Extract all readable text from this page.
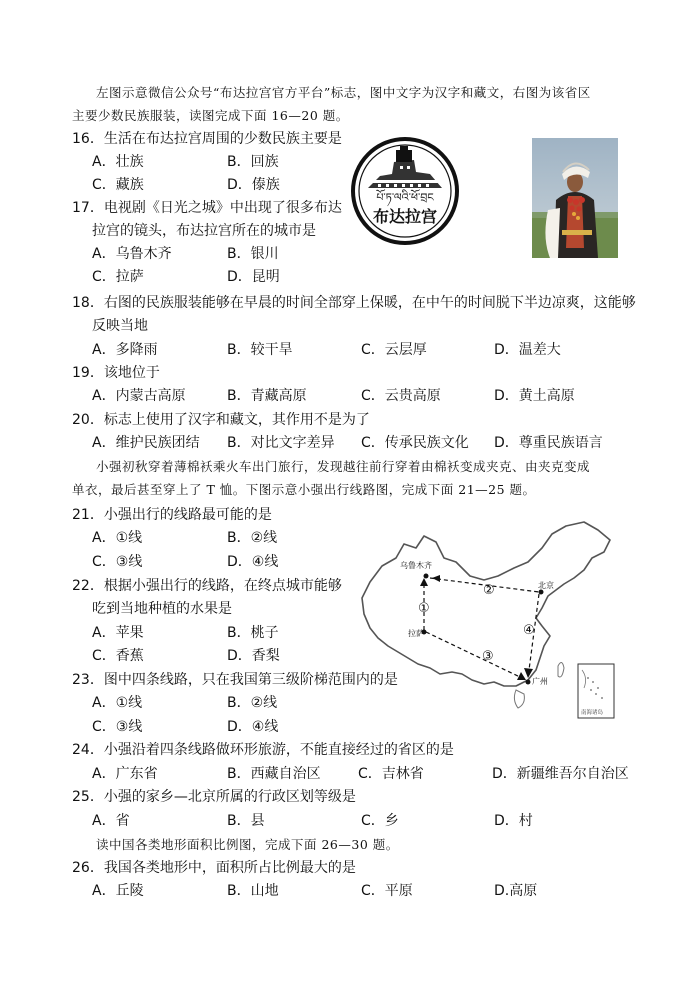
左图示意微信公众号“布达拉宫官方平台”标志，图中文字为汉字和藏文，右图为该省区
主要少数民族服装，读图完成下面 16—20 题。
16．生活在布达拉宫周围的少数民族主要是
A．壮族	B．回族
C．藏族	D．傣族
པོ་ཏ་ལའི་ཕོ་བྲང
布达拉宫
17．电视剧《日光之城》中出现了很多布达
拉宫的镜头，布达拉宫所在的城市是
A．乌鲁木齐	B．银川
C．拉萨	D．昆明
18．右图的民族服装能够在早晨的时间全部穿上保暖，在中午的时间脱下半边凉爽，这能够
反映当地
A．多降雨	B．较干旱	C．云层厚	D．温差大
19．该地位于
A．内蒙古高原	B．青藏高原	C．云贵高原	D．黄土高原
20．标志上使用了汉字和藏文，其作用不是为了
A．维护民族团结 B．对比文字差异 C．传承民族文化 D．尊重民族语言
小强初秋穿着薄棉袄乘火车出门旅行，发现越往前行穿着由棉袄变成夹克、由夹克变成
单衣，最后甚至穿上了 T 恤。下图示意小强出行线路图，完成下面 21—25 题。
21．小强出行的线路最可能的是
A．①线	B．②线
C．③线	D．④线	乌鲁木齐
北京
拉萨
广州
①
②
③
④
南海诸岛
22．根据小强出行的线路，在终点城市能够
吃到当地种植的水果是
A．苹果	B．桃子
C．香蕉	D．香梨
23．图中四条线路，只在我国第三级阶梯范围内的是
A．①线	B．②线
C．③线	D．④线
24．小强沿着四条线路做环形旅游，不能直接经过的省区的是
A．广东省	B．西藏自治区	C．吉林省	D．新疆维吾尔自治区
25．小强的家乡—北京所属的行政区划等级是
A．省	B．县	C．乡	D．村
读中国各类地形面积比例图，完成下面 26—30 题。
26．我国各类地形中，面积所占比例最大的是
A．丘陵	B．山地	C．平原	D.高原
